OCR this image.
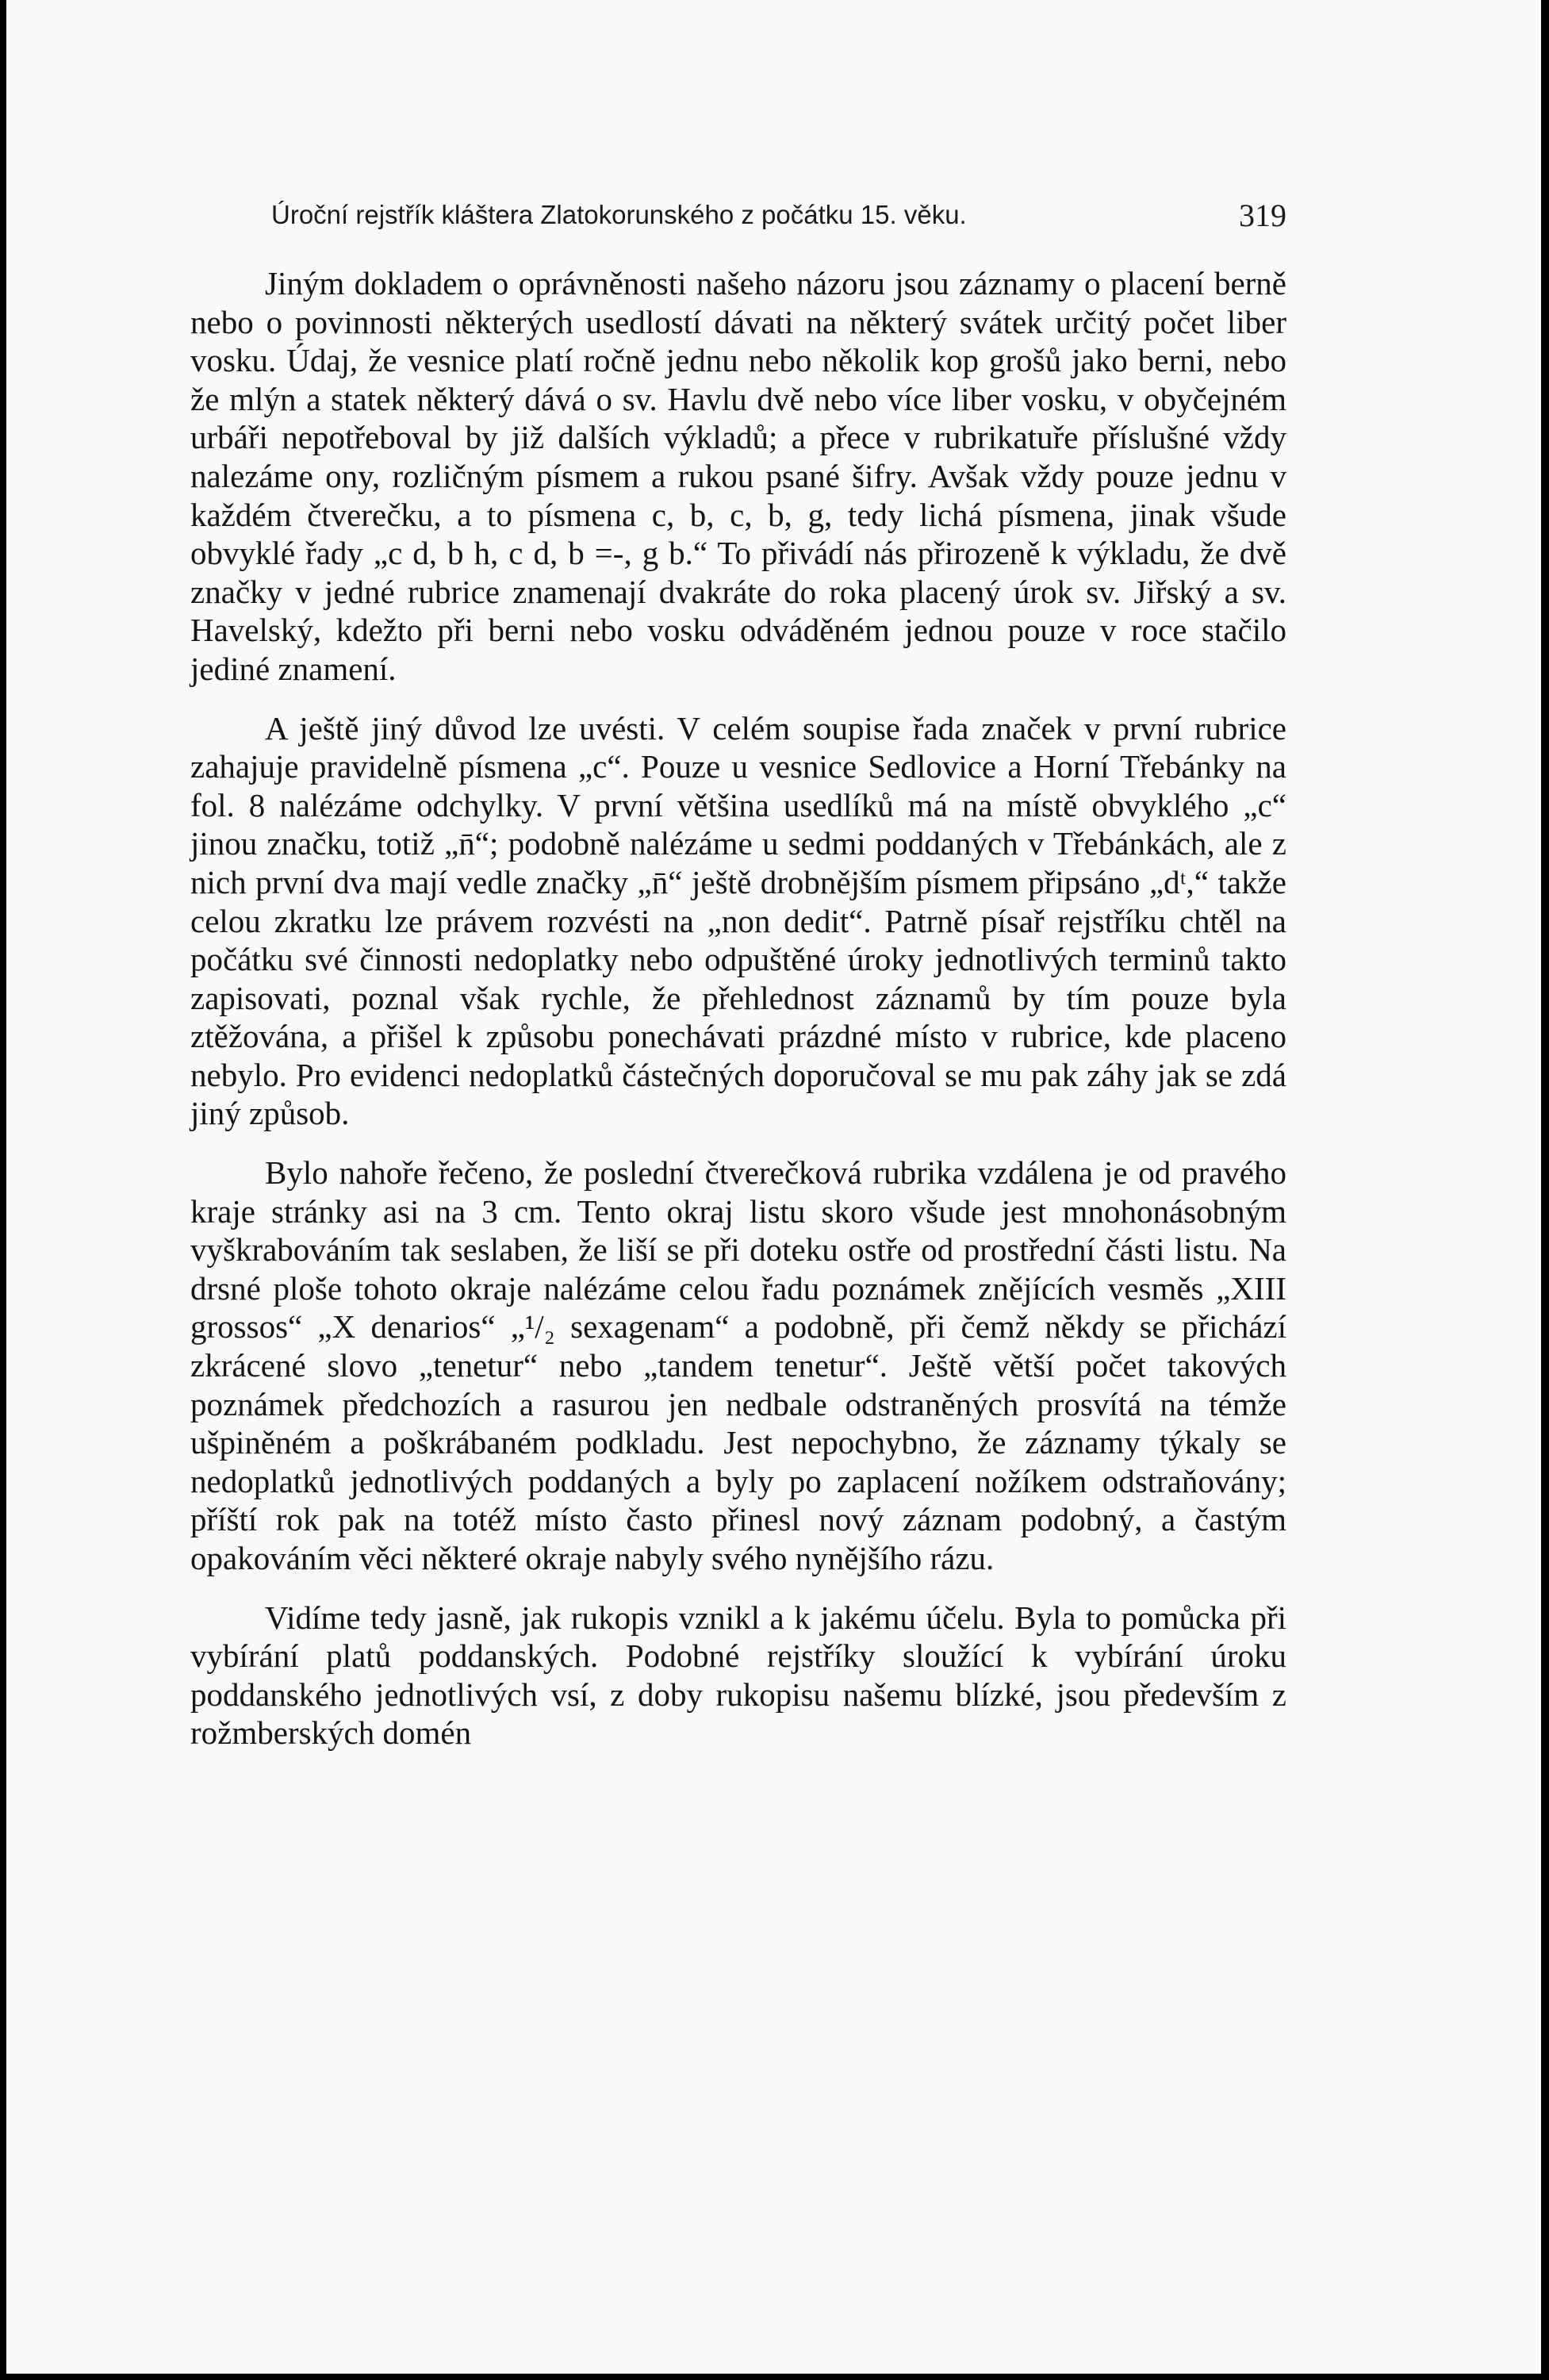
Úroční rejstřík kláštera Zlatokorunského z počátku 15. věku.	319

Jiným dokladem o oprávněnosti našeho názoru jsou záznamy o placení berně nebo o povinnosti některých usedlostí dávati na některý svátek určitý počet liber vosku. Údaj, že vesnice platí ročně jednu nebo několik kop grošů jako berni, nebo že mlýn a statek některý dává o sv. Havlu dvě nebo více liber vosku, v obyčejném urbáři nepotřeboval by již dalších výkladů; a přece v rubrikatuře příslušné vždy nalezáme ony, rozličným písmem a rukou psané šifry. Avšak vždy pouze jednu v každém čtverečku, a to písmena c, b, c, b, g, tedy lichá písmena, jinak všude obvyklé řady „c d, b h, c d, b =-, g b.“ To přivádí nás přirozeně k výkladu, že dvě značky v jedné rubrice znamenají dvakráte do roka placený úrok sv. Jiřský a sv. Havelský, kdežto při berni nebo vosku odváděném jednou pouze v roce stačilo jediné znamení.

A ještě jiný důvod lze uvésti. V celém soupise řada značek v první rubrice zahajuje pravidelně písmena „c“. Pouze u vesnice Sedlovice a Horní Třebánky na fol. 8 nalézáme odchylky. V první většina usedlíků má na místě obvyklého „c“ jinou značku, totiž „n̄“; podobně nalézáme u sedmi poddaných v Třebánkách, ale z nich první dva mají vedle značky „n̄“ ještě drobnějším písmem připsáno „dᵗ,“ takže celou zkratku lze právem rozvésti na „non dedit“. Patrně písař rejstříku chtěl na počátku své činnosti nedoplatky nebo odpuštěné úroky jednotlivých terminů takto zapisovati, poznal však rychle, že přehlednost záznamů by tím pouze byla ztěžována, a přišel k způsobu ponechávati prázdné místo v rubrice, kde placeno nebylo. Pro evidenci nedoplatků částečných doporučoval se mu pak záhy jak se zdá jiný způsob.

Bylo nahoře řečeno, že poslední čtverečková rubrika vzdálena je od pravého kraje stránky asi na 3 cm. Tento okraj listu skoro všude jest mnohonásobným vyškrabováním tak seslaben, že liší se při doteku ostře od prostřední části listu. Na drsné ploše tohoto okraje nalézáme celou řadu poznámek znějících vesměs „XIII grossos“ „X denarios“ „¹/₂ sexagenam“ a podobně, při čemž někdy se přichází zkrácené slovo „tenetur“ nebo „tandem tenetur“. Ještě větší počet takových poznámek předchozích a rasurou jen nedbale odstraněných prosvítá na témže ušpiněném a poškrábaném podkladu. Jest nepochybno, že záznamy týkaly se nedoplatků jednotlivých poddaných a byly po zaplacení nožíkem odstraňovány; příští rok pak na totéž místo často přinesl nový záznam podobný, a častým opakováním věci některé okraje nabyly svého nynějšího rázu.

Vidíme tedy jasně, jak rukopis vznikl a k jakému účelu. Byla to pomůcka při vybírání platů poddanských. Podobné rejstříky sloužící k vybírání úroku poddanského jednotlivých vsí, z doby rukopisu našemu blízké, jsou především z rožmberských domén
